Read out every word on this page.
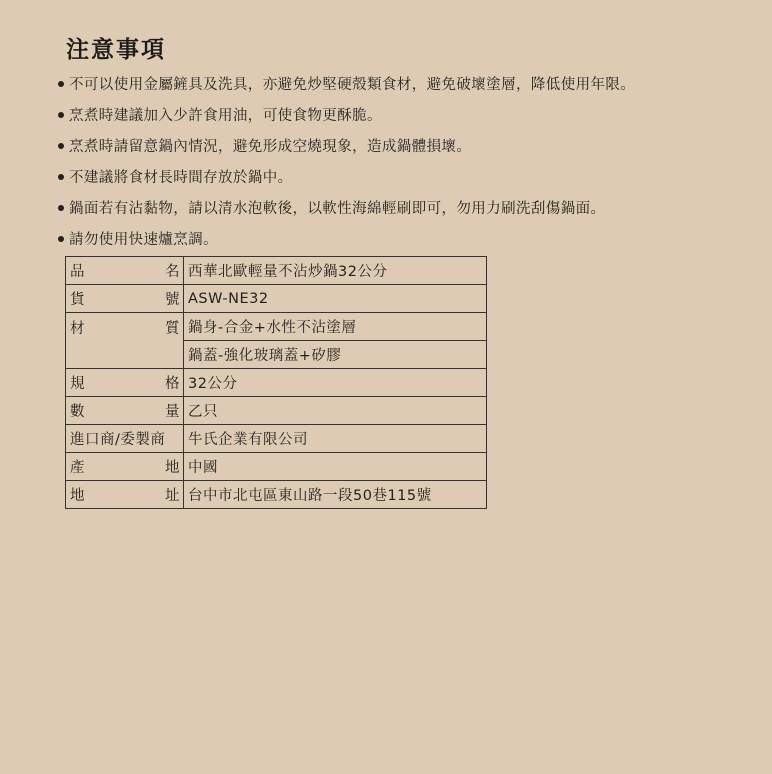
注意事項
不可以使用金屬鏟具及洗具，亦避免炒堅硬殼類食材，避免破壞塗層，降低使用年限。
烹煮時建議加入少許食用油，可使食物更酥脆。
烹煮時請留意鍋內情況，避免形成空燒現象，造成鍋體損壞。
不建議將食材長時間存放於鍋中。
鍋面若有沾黏物，請以清水泡軟後，以軟性海綿輕刷即可，勿用力刷洗刮傷鍋面。
請勿使用快速爐烹調。
品 名	西華北歐輕量不沾炒鍋32公分

貨 號	ASW-NE32

材 質	鍋身-合金+水性不沾塗層
	鍋蓋-強化玻璃蓋+矽膠

規 格	32公分

數 量	乙只

進口商/委製商	牛氏企業有限公司

產 地	中國

地 址	台中市北屯區東山路一段50巷115號
